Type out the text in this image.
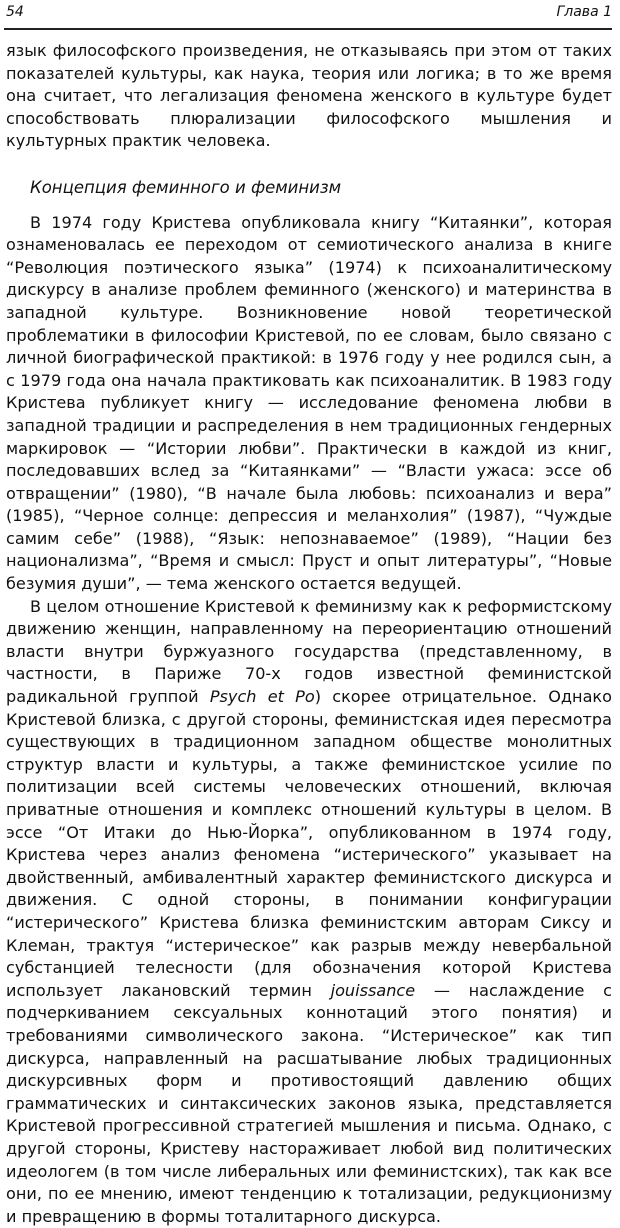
54	Глава 1

язык философского произведения, не отказываясь при этом от таких показателей культуры, как наука, теория или логика; в то же время она считает, что легализация феномена женского в культуре будет способствовать плюрализации философского мышления и культурных практик человека.

Концепция феминного и феминизм

В 1974 году Кристева опубликовала книгу “Китаянки”, которая ознаменовалась ее переходом от семиотического анализа в книге “Революция поэтического языка” (1974) к психоаналитическому дискурсу в анализе проблем феминного (женского) и материнства в западной культуре. Возникновение новой теоретической проблематики в философии Кристевой, по ее словам, было связано с личной биографической практикой: в 1976 году у нее родился сын, а с 1979 года она начала практиковать как психоаналитик. В 1983 году Кристева публикует книгу — исследование феномена любви в западной традиции и распределения в нем традиционных гендерных маркировок — “Истории любви”. Практически в каждой из книг, последовавших вслед за “Китаянками” — “Власти ужаса: эссе об отвращении” (1980), “В начале была любовь: психоанализ и вера” (1985), “Черное солнце: депрессия и меланхолия” (1987), “Чуждые самим себе” (1988), “Язык: непознаваемое” (1989), “Нации без национализма”, “Время и смысл: Пруст и опыт литературы”, “Новые безумия души”, — тема женского остается ведущей.

В целом отношение Кристевой к феминизму как к реформистскому движению женщин, направленному на переориентацию отношений власти внутри буржуазного государства (представленному, в частности, в Париже 70-х годов известной феминистской радикальной группой Psych et Po) скорее отрицательное. Однако Кристевой близка, с другой стороны, феминистская идея пересмотра существующих в традиционном западном обществе монолитных структур власти и культуры, а также феминистское усилие по политизации всей системы человеческих отношений, включая приватные отношения и комплекс отношений культуры в целом. В эссе “От Итаки до Нью-Йорка”, опубликованном в 1974 году, Кристева через анализ феномена “истерического” указывает на двойственный, амбивалентный характер феминистского дискурса и движения. С одной стороны, в понимании конфигурации “истерического” Кристева близка феминистским авторам Сиксу и Клеман, трактуя “истерическое” как разрыв между невербальной субстанцией телесности (для обозначения которой Кристева использует лакановский термин jouissance — наслаждение с подчеркиванием сексуальных коннотаций этого понятия) и требованиями символического закона. “Истерическое” как тип дискурса, направленный на расшатывание любых традиционных дискурсивных форм и противостоящий давлению общих грамматических и синтаксических законов языка, представляется Кристевой прогрессивной стратегией мышления и письма. Однако, с другой стороны, Кристеву настораживает любой вид политических идеологем (в том числе либеральных или феминистских), так как все они, по ее мнению, имеют тенденцию к тотализации, редукционизму и превращению в формы тоталитарного дискурса.
